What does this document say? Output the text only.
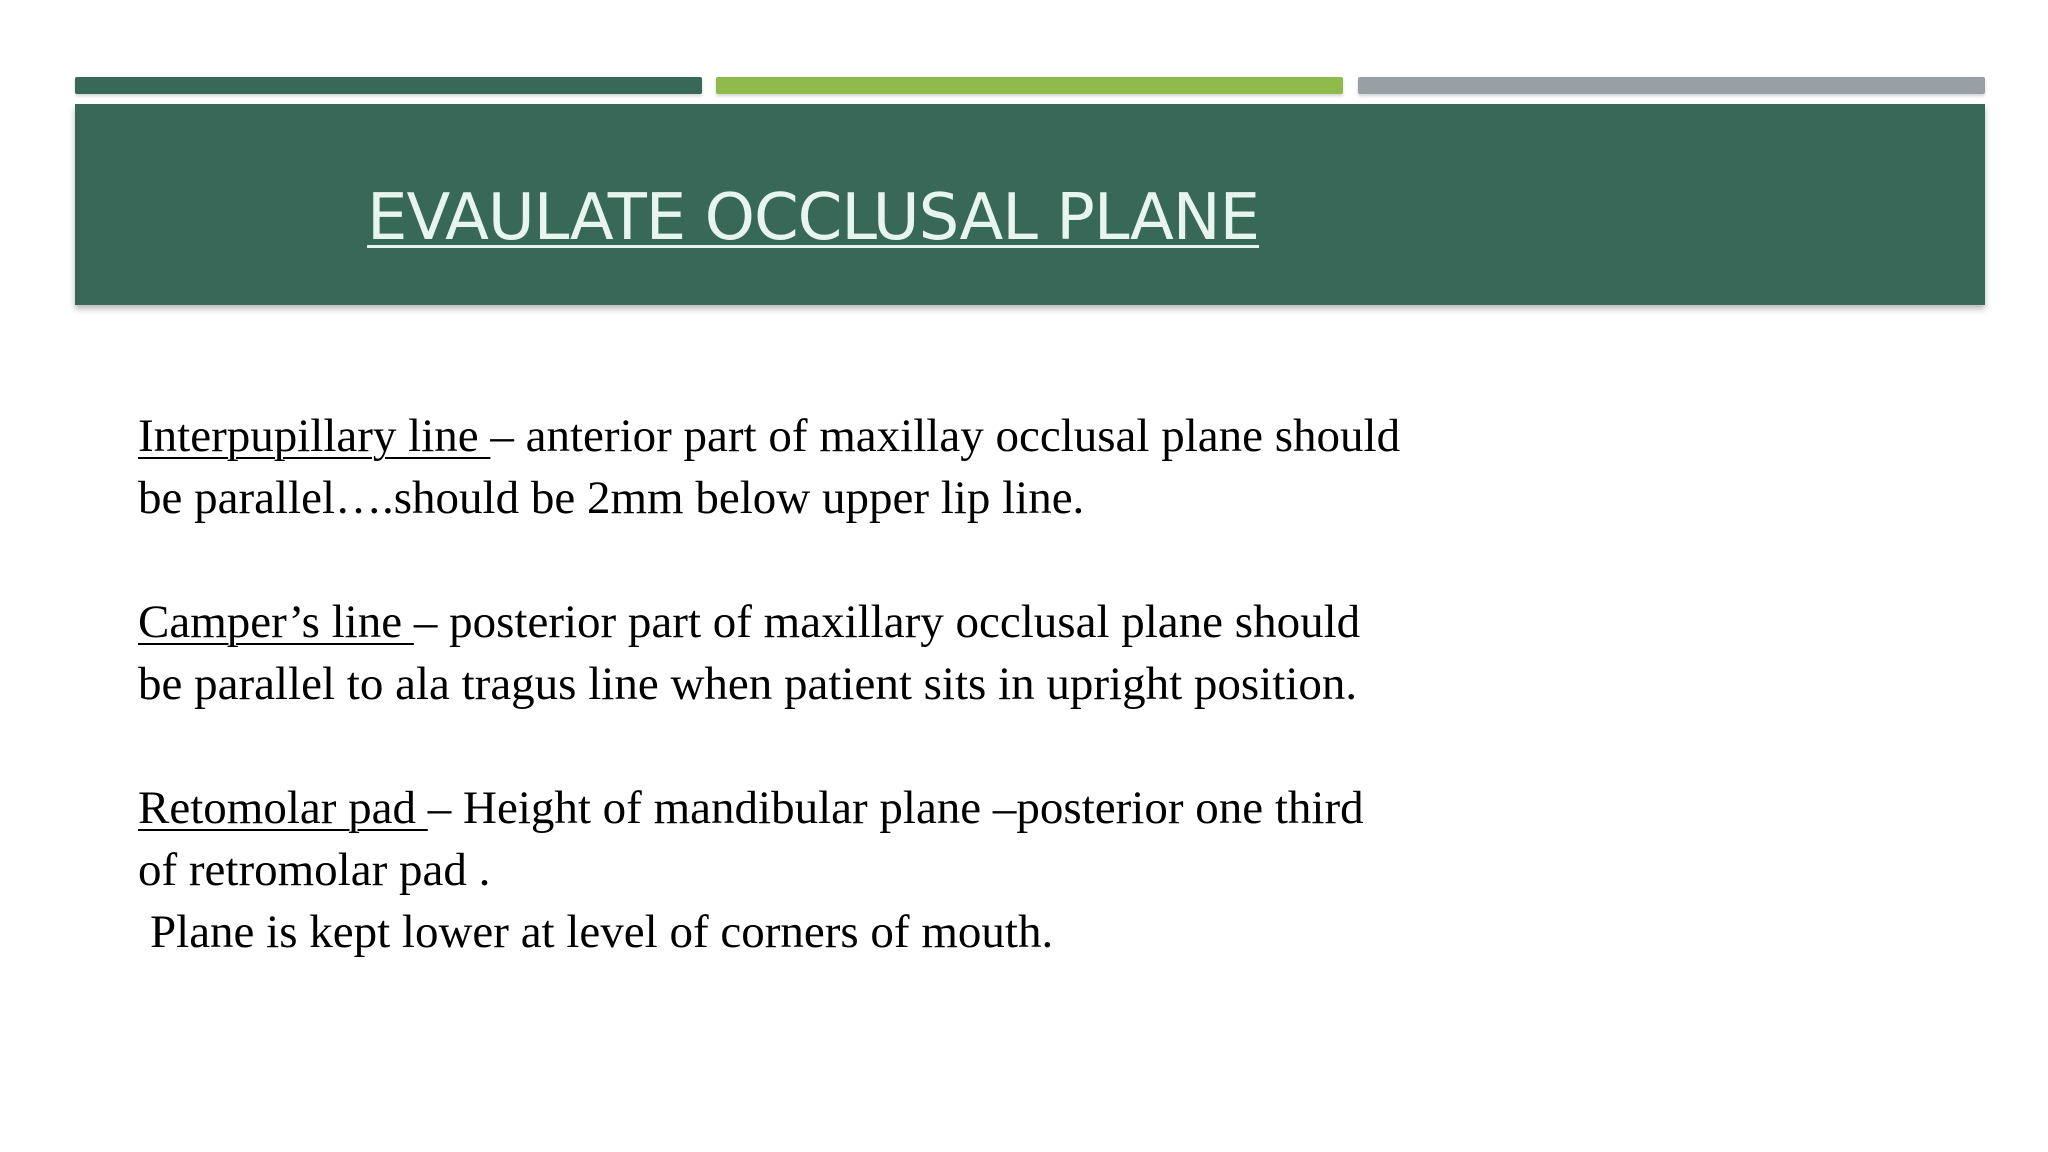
EVAULATE OCCLUSAL PLANE

Interpupillary line – anterior part of maxillay occlusal plane should
be parallel….should be 2mm below upper lip line.

Camper’s line – posterior part of maxillary occlusal plane should
be parallel to ala tragus line when patient sits in upright position.

Retomolar pad – Height of mandibular plane –posterior one third
of retromolar pad .
Plane is kept lower at level of corners of mouth.
